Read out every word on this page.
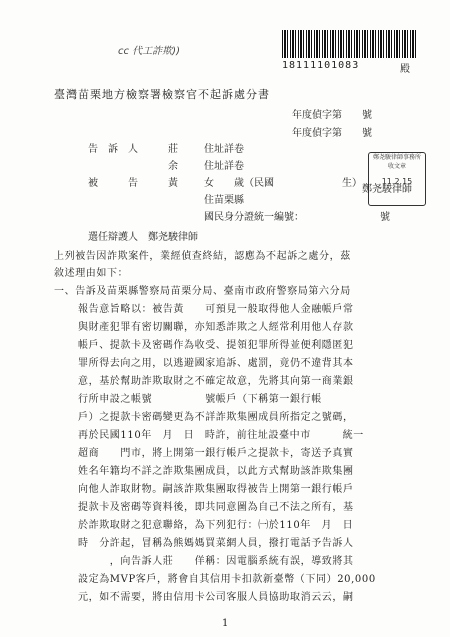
cc 代工詐欺))
18111101083	殿
臺灣苗栗地方檢察署檢察官不起訴處分書
年度偵字第　　號
年度偵字第　　號
鄭尧駿律師事務所
收文章
11.2.15
鄭尧駿律師
告　訴　人	莊	住址詳卷
余	住址詳卷
被　　　告	黃	女　　歲（民國	生）
住苗栗縣
國民身分證統一編號：	號
選任辯護人　鄭尧駿律師
上列被告因詐欺案件，業經偵查終結，認應為不起訴之處分，茲
敘述理由如下：
一、告訴及苗栗縣警察局苗栗分局、臺南市政府警察局第六分局
報告意旨略以：被告黃　　可預見一般取得他人金融帳戶常
與財產犯罪有密切關聯，亦知悉詐欺之人經常利用他人存款
帳戶、提款卡及密碼作為收受、提領犯罪所得並便利隱匿犯
罪所得去向之用，以逃避國家追訴、處罰，竟仍不違背其本
意，基於幫助詐欺取財之不確定故意，先將其向第一商業銀
行所申設之帳號　　　　　號帳戶（下稱第一銀行帳
戶）之提款卡密碼變更為不詳詐欺集團成員所指定之號碼，
再於民國110年　月　日　時許，前往址設臺中市　　　統一
超商　　門市，將上開第一銀行帳戶之提款卡，寄送予真實
姓名年籍均不詳之詐欺集團成員，以此方式幫助該詐欺集團
向他人詐取財物。嗣該詐欺集團取得被告上開第一銀行帳戶
提款卡及密碼等資料後，即共同意圖為自己不法之所有，基
於詐欺取財之犯意聯絡，為下列犯行：㈠於110年　月　日
時　分許起，冒稱為熊媽媽買菜網人員，撥打電話予告訴人
　　　，向告訴人莊　　佯稱：因電腦系統有誤，導致將其
設定為MVP客戶，將會自其信用卡扣款新臺幣（下同）20,000
元，如不需要，將由信用卡公司客服人員協助取消云云，嗣
1
